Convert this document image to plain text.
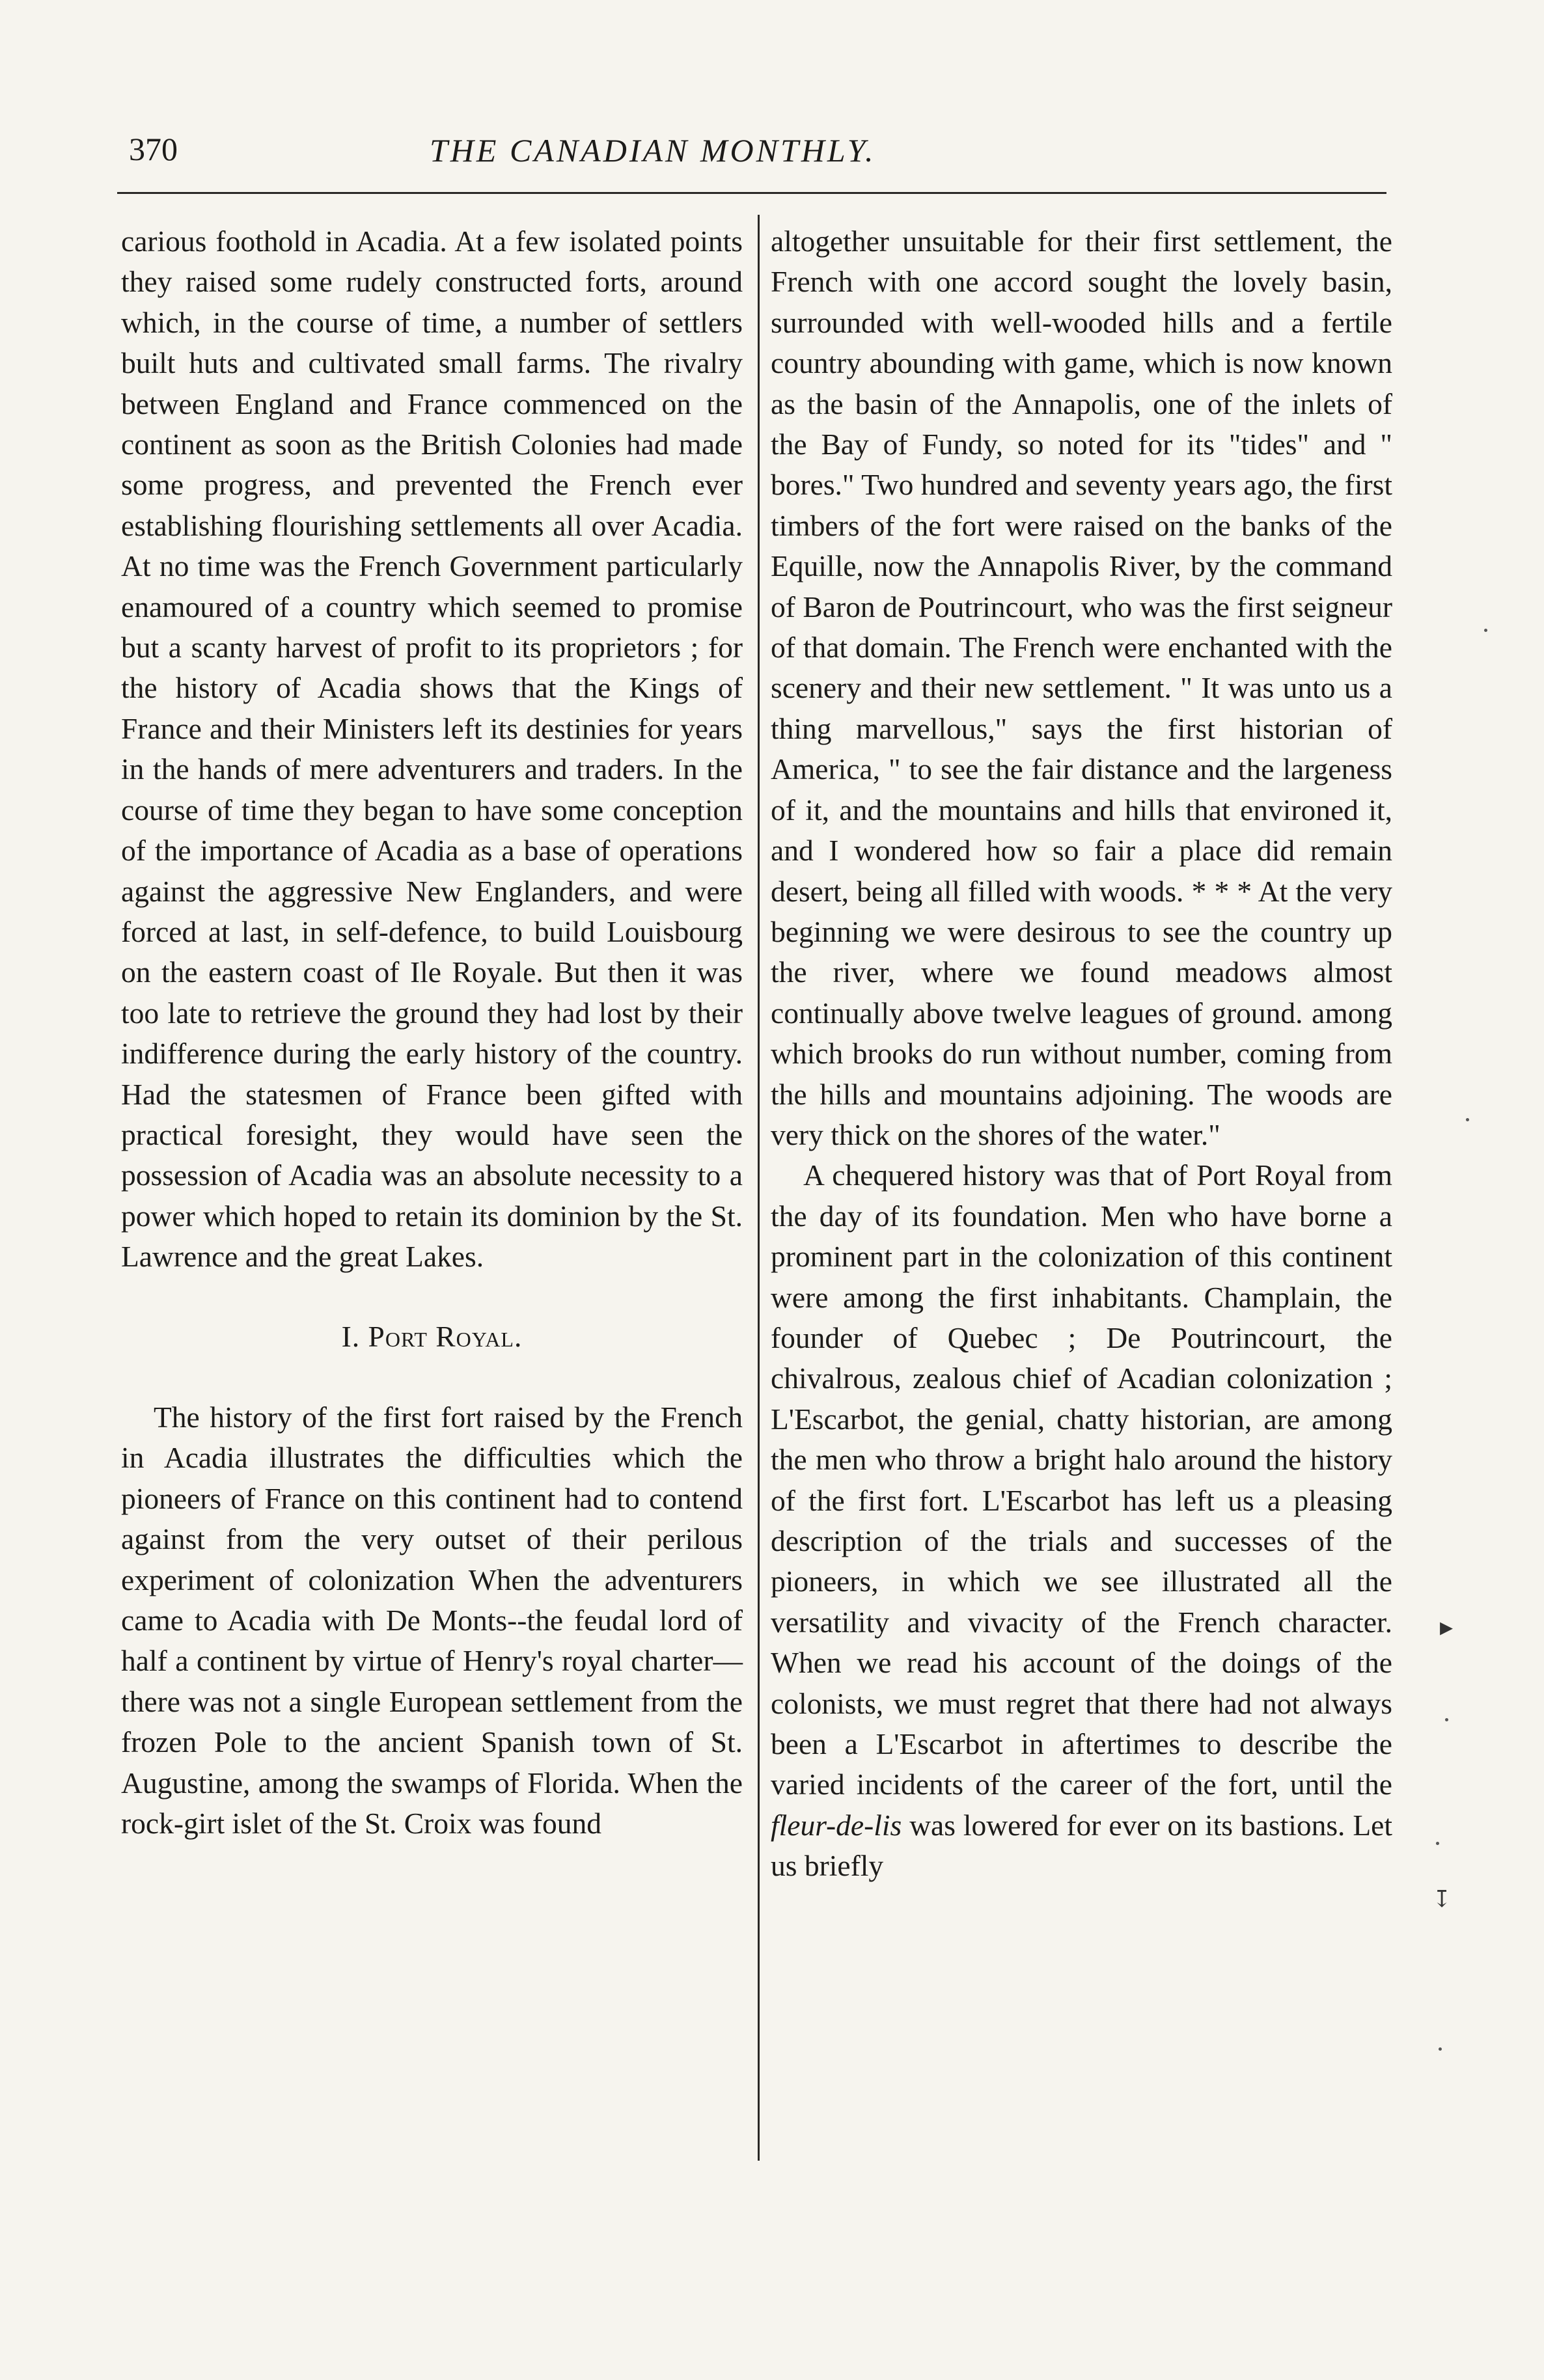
370	THE CANADIAN MONTHLY.

carious foothold in Acadia. At a few isolated points they raised some rudely constructed forts, around which, in the course of time, a number of settlers built huts and cultivated small farms. The rivalry between England and France commenced on the continent as soon as the British Colonies had made some progress, and prevented the French ever establishing flourishing settlements all over Acadia. At no time was the French Government particularly enamoured of a country which seemed to promise but a scanty harvest of profit to its proprietors ; for the history of Acadia shows that the Kings of France and their Ministers left its destinies for years in the hands of mere adventurers and traders. In the course of time they began to have some conception of the importance of Acadia as a base of operations against the aggressive New Englanders, and were forced at last, in self-defence, to build Louisbourg on the eastern coast of Ile Royale. But then it was too late to retrieve the ground they had lost by their indifference during the early history of the country. Had the statesmen of France been gifted with practical foresight, they would have seen the possession of Acadia was an absolute necessity to a power which hoped to retain its dominion by the St. Lawrence and the great Lakes.

I. Port Royal.

The history of the first fort raised by the French in Acadia illustrates the difficulties which the pioneers of France on this continent had to contend against from the very outset of their perilous experiment of colonization When the adventurers came to Acadia with De Monts--the feudal lord of half a continent by virtue of Henry's royal charter—there was not a single European settlement from the frozen Pole to the ancient Spanish town of St. Augustine, among the swamps of Florida. When the rock-girt islet of the St. Croix was found

altogether unsuitable for their first settlement, the French with one accord sought the lovely basin, surrounded with well-wooded hills and a fertile country abounding with game, which is now known as the basin of the Annapolis, one of the inlets of the Bay of Fundy, so noted for its "tides" and " bores." Two hundred and seventy years ago, the first timbers of the fort were raised on the banks of the Equille, now the Annapolis River, by the command of Baron de Poutrincourt, who was the first seigneur of that domain. The French were enchanted with the scenery and their new settlement. " It was unto us a thing marvellous," says the first historian of America, " to see the fair distance and the largeness of it, and the mountains and hills that environed it, and I wondered how so fair a place did remain desert, being all filled with woods. * * * At the very beginning we were desirous to see the country up the river, where we found meadows almost continually above twelve leagues of ground. among which brooks do run without number, coming from the hills and mountains adjoining. The woods are very thick on the shores of the water."

A chequered history was that of Port Royal from the day of its foundation. Men who have borne a prominent part in the colonization of this continent were among the first inhabitants. Champlain, the founder of Quebec ; De Poutrincourt, the chivalrous, zealous chief of Acadian colonization ; L'Escarbot, the genial, chatty historian, are among the men who throw a bright halo around the history of the first fort. L'Escarbot has left us a pleasing description of the trials and successes of the pioneers, in which we see illustrated all the versatility and vivacity of the French character. When we read his account of the doings of the colonists, we must regret that there had not always been a L'Escarbot in aftertimes to describe the varied incidents of the career of the fort, until the fleur-de-lis was lowered for ever on its bastions. Let us briefly

▸
↧
